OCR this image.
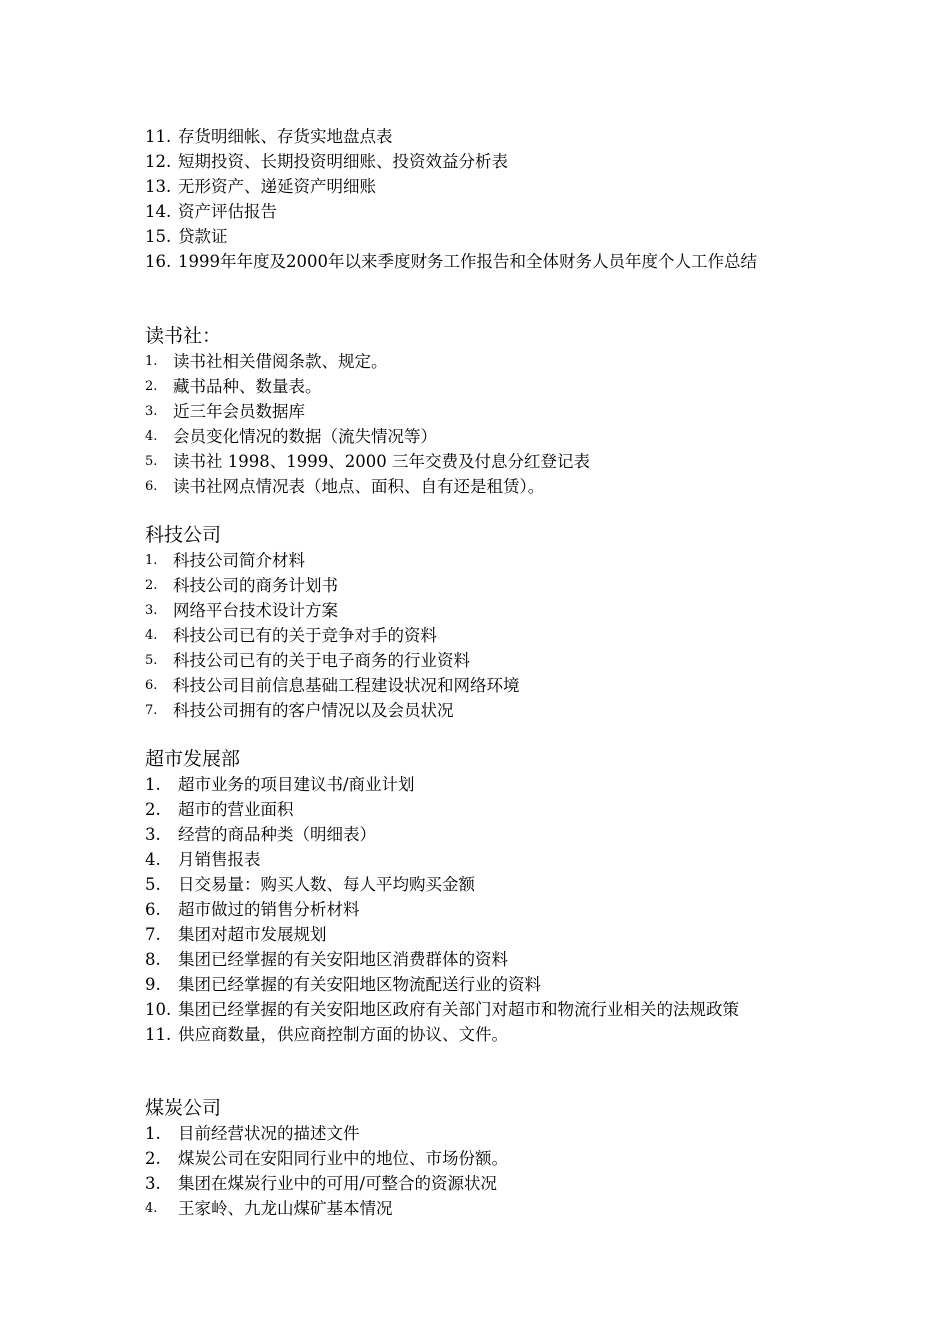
11. 存货明细帐、存货实地盘点表
12. 短期投资、长期投资明细账、投资效益分析表
13. 无形资产、递延资产明细账
14. 资产评估报告
15. 贷款证
16. 1999年年度及2000年以来季度财务工作报告和全体财务人员年度个人工作总结
读书社：
1. 读书社相关借阅条款、规定。
2. 藏书品种、数量表。
3. 近三年会员数据库
4. 会员变化情况的数据（流失情况等）
5. 读书社 1998、1999、2000 三年交费及付息分红登记表
6. 读书社网点情况表（地点、面积、自有还是租赁）。
科技公司
1. 科技公司简介材料
2. 科技公司的商务计划书
3. 网络平台技术设计方案
4. 科技公司已有的关于竞争对手的资料
5. 科技公司已有的关于电子商务的行业资料
6. 科技公司目前信息基础工程建设状况和网络环境
7. 科技公司拥有的客户情况以及会员状况
超市发展部
1.	超市业务的项目建议书/商业计划
2.	超市的营业面积
3.	经营的商品种类（明细表）
4.	月销售报表
5.	日交易量：购买人数、每人平均购买金额
6.	超市做过的销售分析材料
7.	集团对超市发展规划
8.	集团已经掌握的有关安阳地区消费群体的资料
9.	集团已经掌握的有关安阳地区物流配送行业的资料
10. 集团已经掌握的有关安阳地区政府有关部门对超市和物流行业相关的法规政策
11. 供应商数量，供应商控制方面的协议、文件。
煤炭公司
1.	目前经营状况的描述文件
2.	煤炭公司在安阳同行业中的地位、市场份额。
3.	集团在煤炭行业中的可用/可整合的资源状况
4.	王家岭、九龙山煤矿基本情况
